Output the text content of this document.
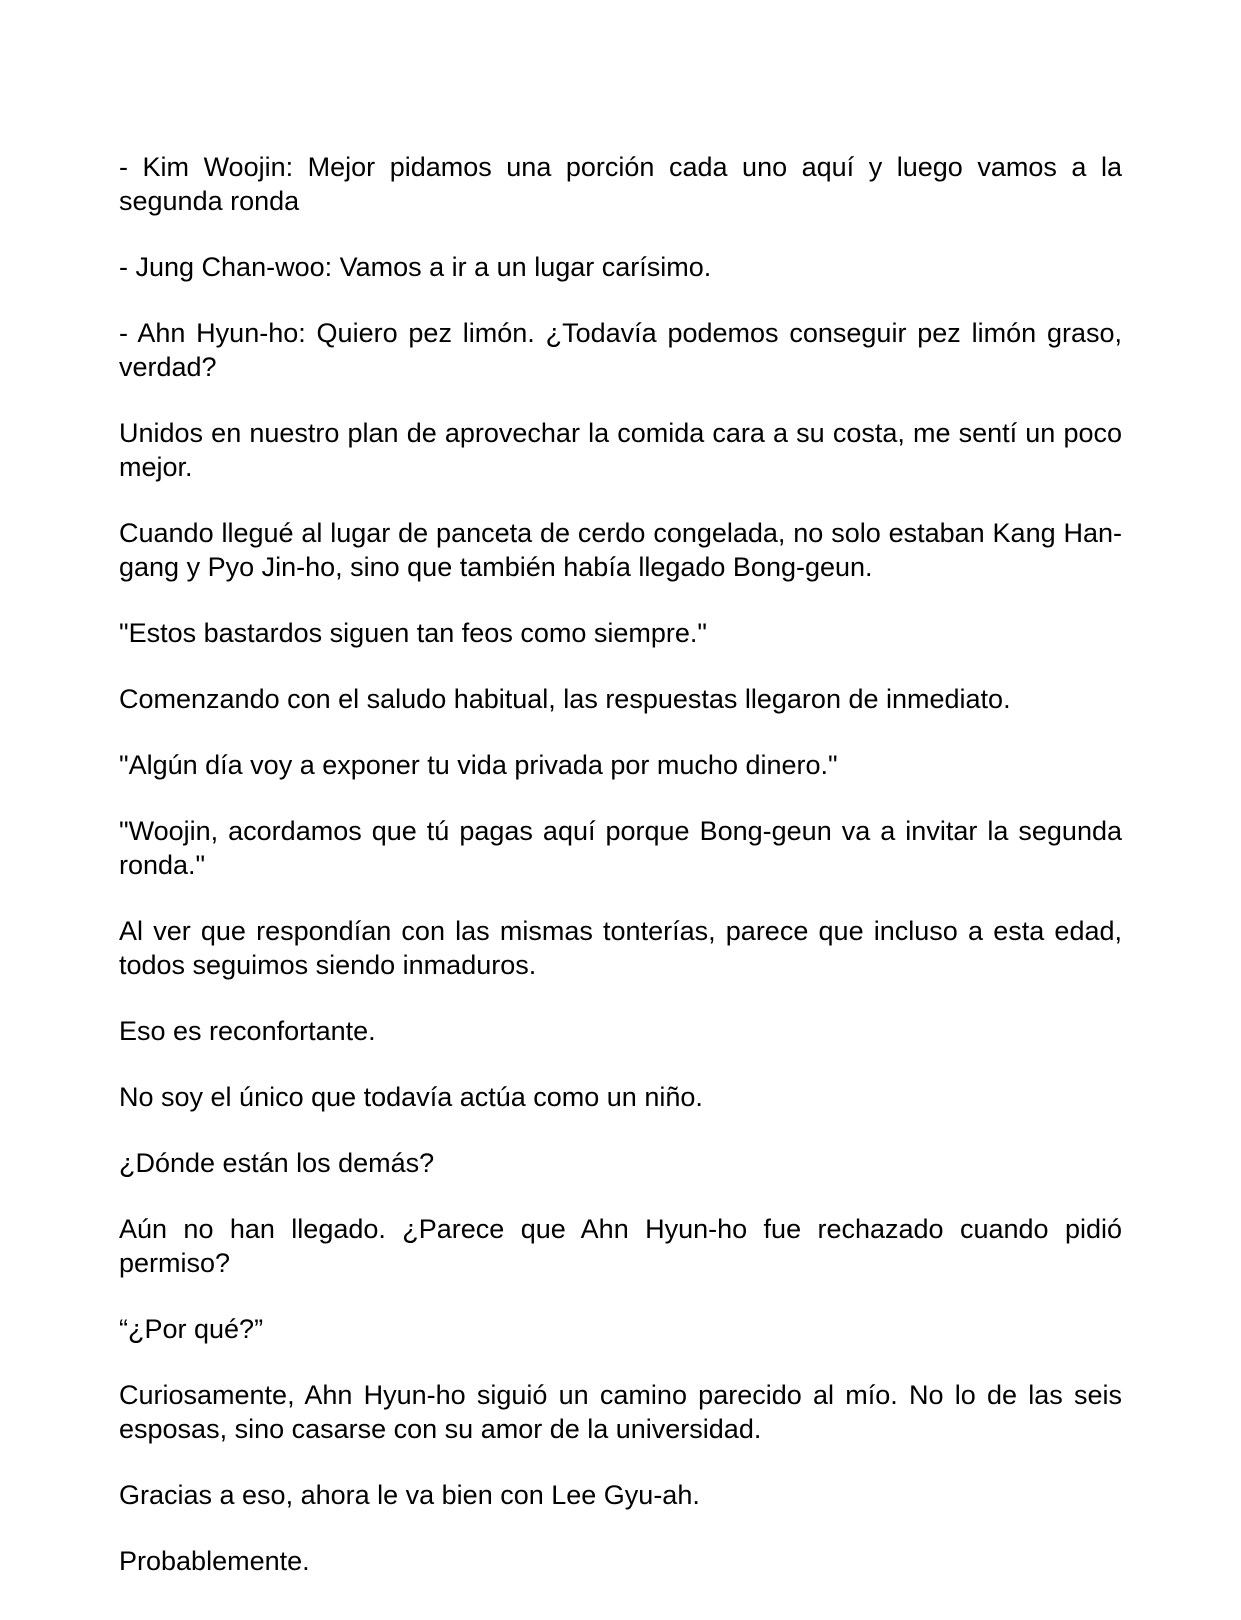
- Kim Woojin: Mejor pidamos una porción cada uno aquí y luego vamos a la segunda ronda

- Jung Chan-woo: Vamos a ir a un lugar carísimo.

- Ahn Hyun-ho: Quiero pez limón. ¿Todavía podemos conseguir pez limón graso, verdad?

Unidos en nuestro plan de aprovechar la comida cara a su costa, me sentí un poco mejor.

Cuando llegué al lugar de panceta de cerdo congelada, no solo estaban Kang Han-gang y Pyo Jin-ho, sino que también había llegado Bong-geun.

"Estos bastardos siguen tan feos como siempre."

Comenzando con el saludo habitual, las respuestas llegaron de inmediato.

"Algún día voy a exponer tu vida privada por mucho dinero."

"Woojin, acordamos que tú pagas aquí porque Bong-geun va a invitar la segunda ronda."

Al ver que respondían con las mismas tonterías, parece que incluso a esta edad, todos seguimos siendo inmaduros.

Eso es reconfortante.

No soy el único que todavía actúa como un niño.

¿Dónde están los demás?

Aún no han llegado. ¿Parece que Ahn Hyun-ho fue rechazado cuando pidió permiso?

“¿Por qué?”

Curiosamente, Ahn Hyun-ho siguió un camino parecido al mío. No lo de las seis esposas, sino casarse con su amor de la universidad.

Gracias a eso, ahora le va bien con Lee Gyu-ah.

Probablemente.
